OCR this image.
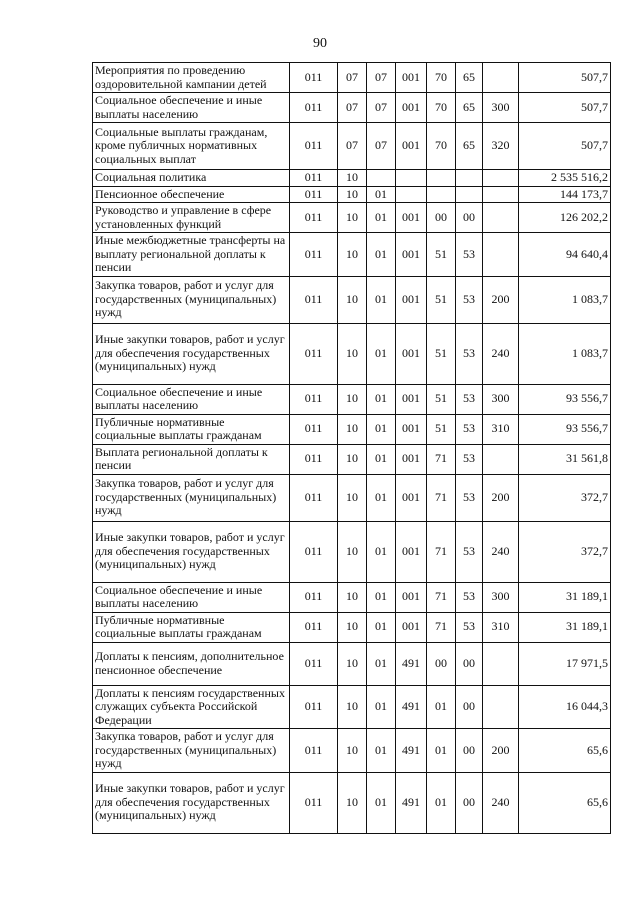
90
Мероприятия по проведению оздоровительной кампании детей	011	07	07	001	70	65		507,7
Социальное обеспечение и иные выплаты населению	011	07	07	001	70	65	300	507,7
Социальные выплаты гражданам, кроме публичных нормативных социальных выплат	011	07	07	001	70	65	320	507,7
Социальная политика	011	10						2 535 516,2
Пенсионное обеспечение	011	10	01					144 173,7
Руководство и управление в сфере установленных функций	011	10	01	001	00	00		126 202,2
Иные межбюджетные трансферты на выплату региональной доплаты к пенсии	011	10	01	001	51	53		94 640,4
Закупка товаров, работ и услуг для государственных (муниципальных) нужд	011	10	01	001	51	53	200	1 083,7
Иные закупки товаров, работ и услуг для обеспечения государственных (муниципальных) нужд	011	10	01	001	51	53	240	1 083,7
Социальное обеспечение и иные выплаты населению	011	10	01	001	51	53	300	93 556,7
Публичные нормативные социальные выплаты гражданам	011	10	01	001	51	53	310	93 556,7
Выплата региональной доплаты к пенсии	011	10	01	001	71	53		31 561,8
Закупка товаров, работ и услуг для государственных (муниципальных) нужд	011	10	01	001	71	53	200	372,7
Иные закупки товаров, работ и услуг для обеспечения государственных (муниципальных) нужд	011	10	01	001	71	53	240	372,7
Социальное обеспечение и иные выплаты населению	011	10	01	001	71	53	300	31 189,1
Публичные нормативные социальные выплаты гражданам	011	10	01	001	71	53	310	31 189,1
Доплаты к пенсиям, дополнительное пенсионное обеспечение	011	10	01	491	00	00		17 971,5
Доплаты к пенсиям государственных служащих субъекта Российской Федерации	011	10	01	491	01	00		16 044,3
Закупка товаров, работ и услуг для государственных (муниципальных) нужд	011	10	01	491	01	00	200	65,6
Иные закупки товаров, работ и услуг для обеспечения государственных (муниципальных) нужд	011	10	01	491	01	00	240	65,6
